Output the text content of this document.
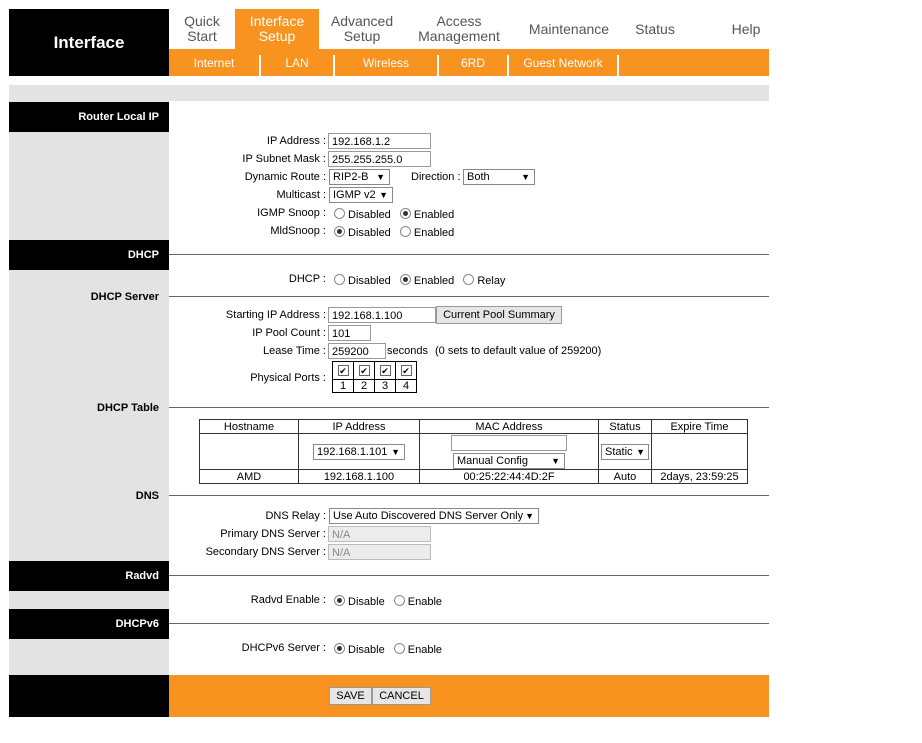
Interface
Quick
Start
Interface
Setup
Advanced
Setup
Access
Management Maintenance Status	Help
Internet	LAN	Wireless	6RD	Guest Network
Router Local IP
DHCP
DHCP Server
DHCP Table
DNS
Radvd
DHCPv6
IP Address : 192.168.1.2
IP Subnet Mask : 255.255.255.0
Dynamic Route : RIP2-B ▼ Direction : Both	▼
Multicast : IGMP v2 ▼
IGMP Snoop :	Disabled Enabled
MldSnoop :	Disabled Enabled
DHCP :	Disabled Enabled Relay
Starting IP Address : 192.168.1.100	Current Pool Summary
IP Pool Count : 101
Lease Time : 259200	seconds (0 sets to default value of 259200)
Physical Ports :
✔	✔	✔	✔
1	2	3	4
Hostname	IP Address	MAC Address	Status	Expire Time
	192.168.1.101 ▼	Manual Config ▼	Static ▼	

AMD	192.168.1.100	00:25:22:44:4D:2F	Auto	2days, 23:59:25
DNS Relay : Use Auto Discovered DNS Server Only ▼
Primary DNS Server : N/A
Secondary DNS Server : N/A
Radvd Enable :	Disable Enable
DHCPv6 Server :	Disable Enable
SAVE	CANCEL
